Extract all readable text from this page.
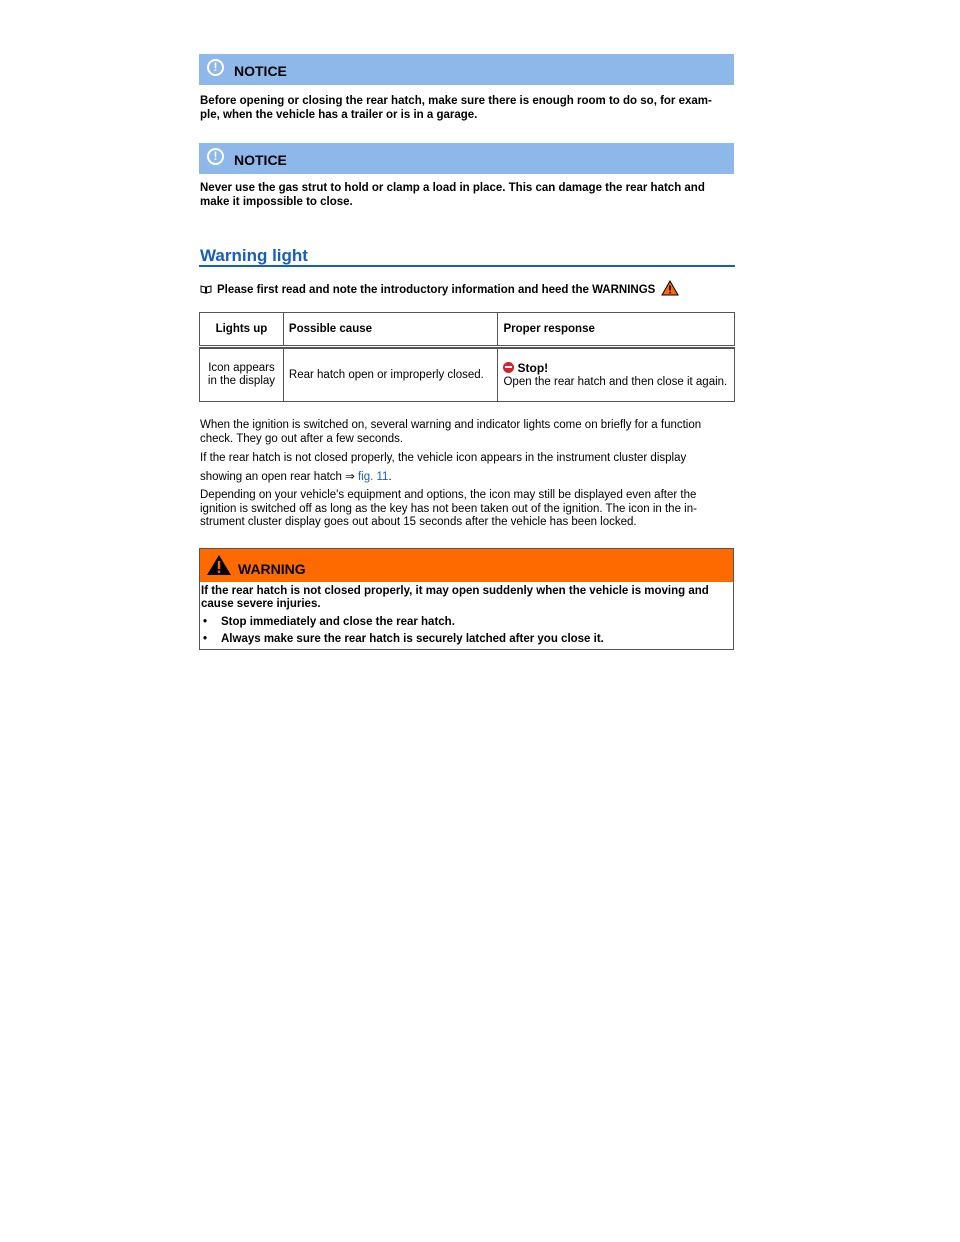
!	NOTICE
Before opening or closing the rear hatch, make sure there is enough room to do so, for exam-ple, when the vehicle has a trailer or is in a garage.
!	NOTICE
Never use the gas strut to hold or clamp a load in place. This can damage the rear hatch and make it impossible to close.
Warning light
Please first read and note the introductory information and heed the WARNINGS
Lights up	Possible cause	Proper response

Icon appears in the display	Rear hatch open or improperly closed.	Stop!
Open the rear hatch and then close it again.
When the ignition is switched on, several warning and indicator lights come on briefly for a function check. They go out after a few seconds.
If the rear hatch is not closed properly, the vehicle icon appears in the instrument cluster display
showing an open rear hatch ⇒ fig. 11.
Depending on your vehicle's equipment and options, the icon may still be displayed even after the ignition is switched off as long as the key has not been taken out of the ignition. The icon in the in-strument cluster display goes out about 15 seconds after the vehicle has been locked.
WARNING
If the rear hatch is not closed properly, it may open suddenly when the vehicle is moving and cause severe injuries.
• Stop immediately and close the rear hatch.
• Always make sure the rear hatch is securely latched after you close it.
